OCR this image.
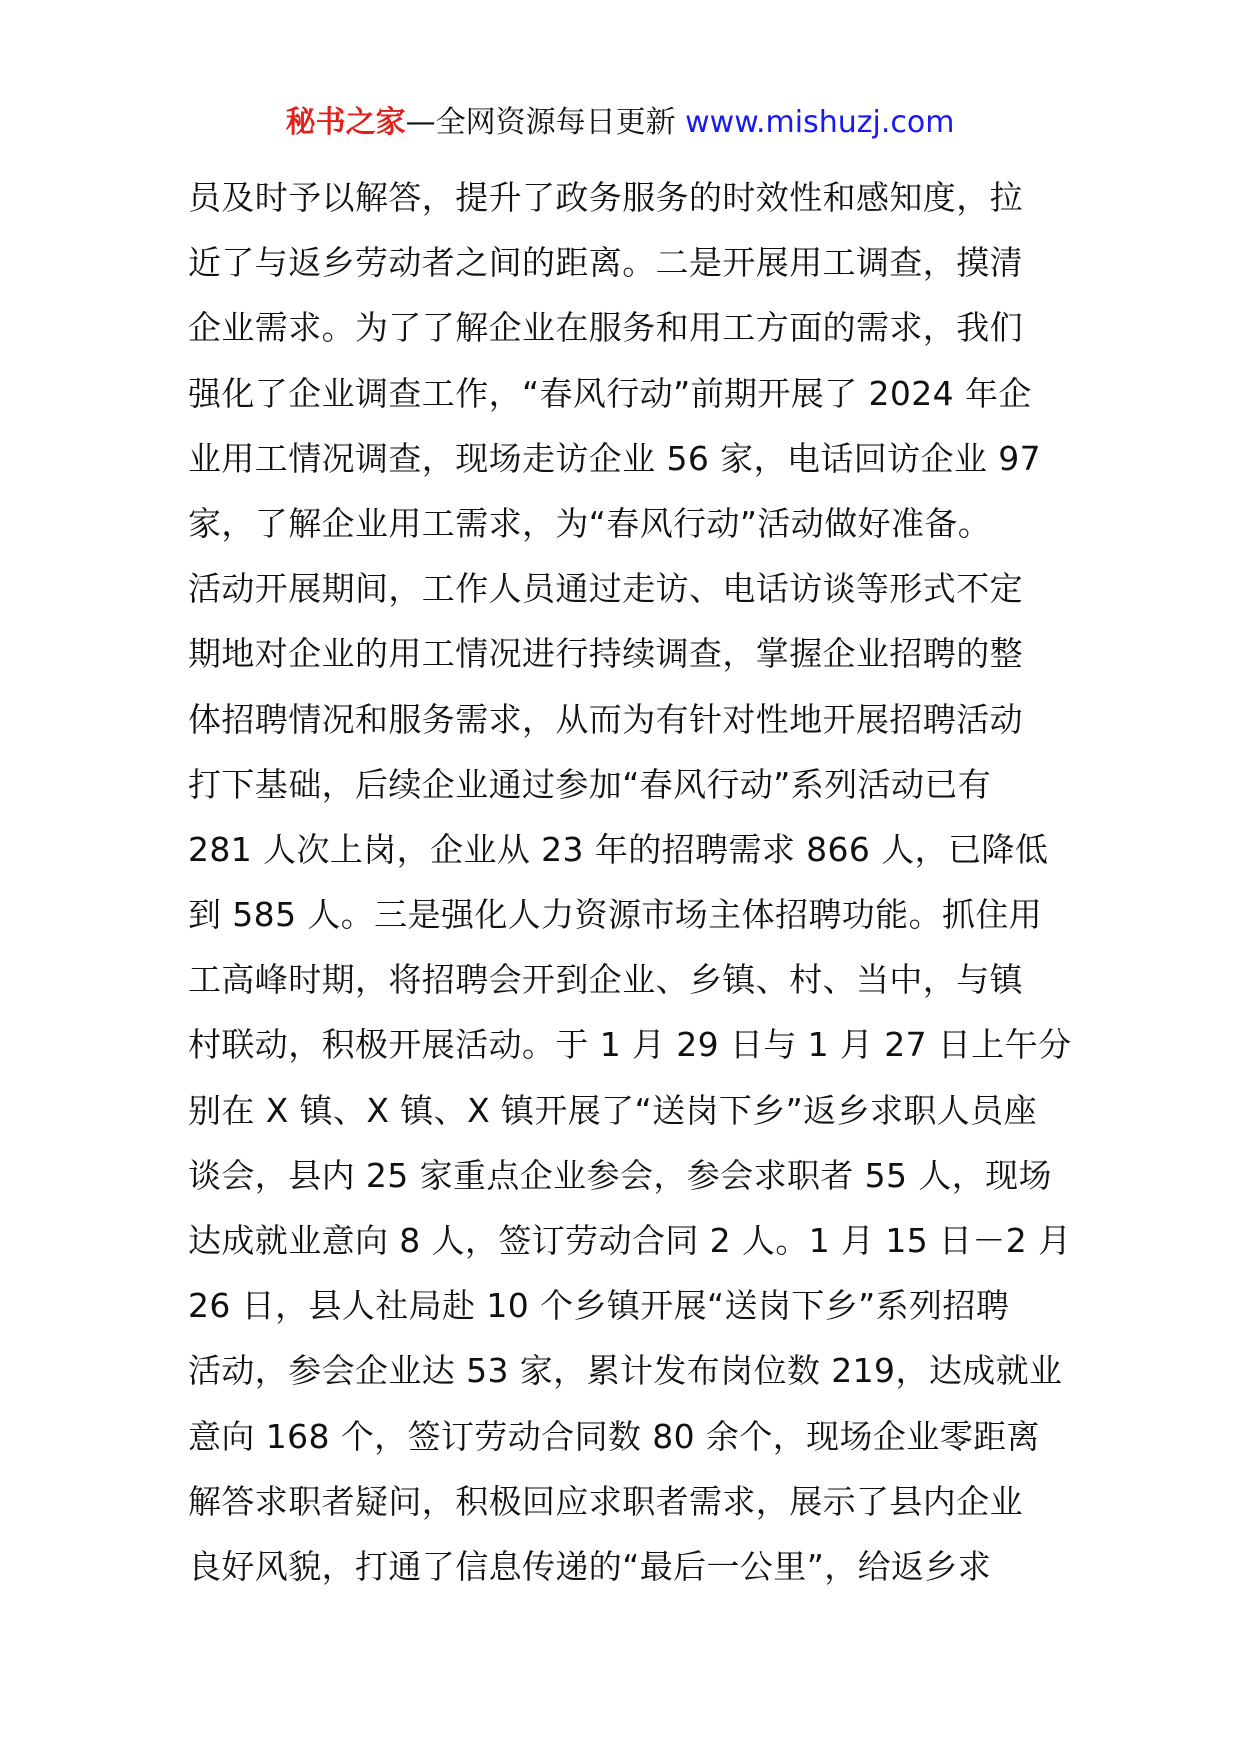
秘书之家—全网资源每日更新 www.mishuzj.com
员及时予以解答，提升了政务服务的时效性和感知度，拉
近了与返乡劳动者之间的距离。二是开展用工调查，摸清
企业需求。为了了解企业在服务和用工方面的需求，我们
强化了企业调查工作，“春风行动”前期开展了 2024 年企
业用工情况调查，现场走访企业 56 家，电话回访企业 97
家，了解企业用工需求，为“春风行动”活动做好准备。
活动开展期间，工作人员通过走访、电话访谈等形式不定
期地对企业的用工情况进行持续调查，掌握企业招聘的整
体招聘情况和服务需求，从而为有针对性地开展招聘活动
打下基础，后续企业通过参加“春风行动”系列活动已有
281 人次上岗，企业从 23 年的招聘需求 866 人，已降低
到 585 人。三是强化人力资源市场主体招聘功能。抓住用
工高峰时期，将招聘会开到企业、乡镇、村、当中，与镇
村联动，积极开展活动。于 1 月 29 日与 1 月 27 日上午分
别在 X 镇、X 镇、X 镇开展了“送岗下乡”返乡求职人员座
谈会，县内 25 家重点企业参会，参会求职者 55 人，现场
达成就业意向 8 人，签订劳动合同 2 人。1 月 15 日－2 月
26 日，县人社局赴 10 个乡镇开展“送岗下乡”系列招聘
活动，参会企业达 53 家，累计发布岗位数 219，达成就业
意向 168 个，签订劳动合同数 80 余个，现场企业零距离
解答求职者疑问，积极回应求职者需求，展示了县内企业
良好风貌，打通了信息传递的“最后一公里”，给返乡求
